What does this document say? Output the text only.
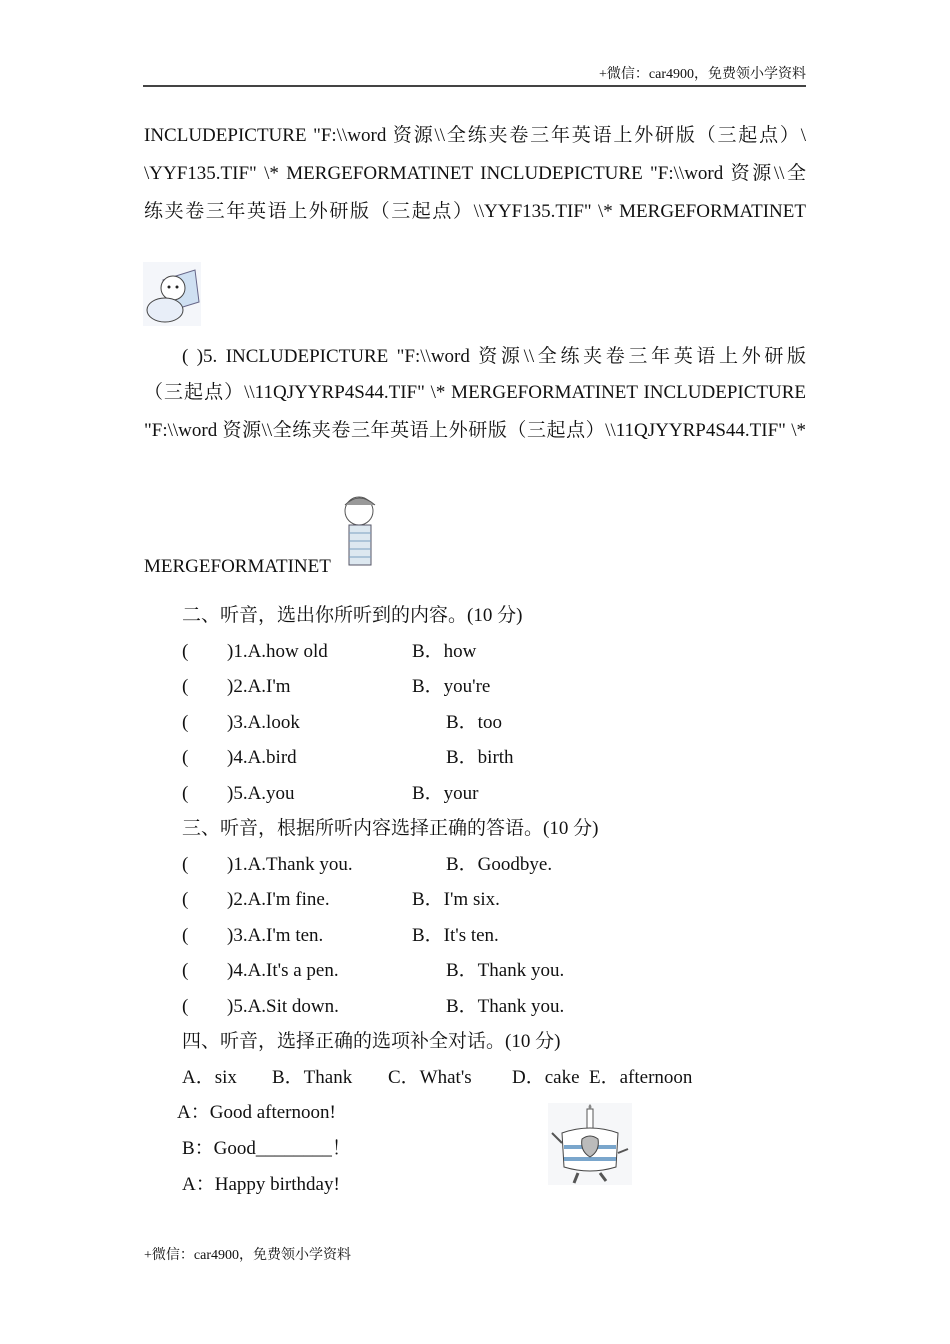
+微信：car4900，免费领小学资料
INCLUDEPICTURE "F:\\word 资源\\全练夹卷三年英语上外研版（三起点）\
\YYF135.TIF" \* MERGEFORMATINET INCLUDEPICTURE "F:\\word 资源\\全
练夹卷三年英语上外研版（三起点）\\YYF135.TIF" \* MERGEFORMATINET
( )5. INCLUDEPICTURE "F:\\word 资源\\全练夹卷三年英语上外研版
（三起点）\\11QJYYRP4S44.TIF" \* MERGEFORMATINET INCLUDEPICTURE
"F:\\word 资源\\全练夹卷三年英语上外研版（三起点）\\11QJYYRP4S44.TIF" \*
MERGEFORMATINET
二、听音，选出你所听到的内容。(10 分)
( )1.A.how old	B．how
( )2.A.I'm	B．you're
( )3.A.look	B．too
( )4.A.bird	B．birth
( )5.A.you	B．your
三、听音，根据所听内容选择正确的答语。(10 分)
( )1.A.Thank you.	B．Goodbye.
( )2.A.I'm fine.	B．I'm six.
( )3.A.I'm ten.	B．It's ten.
( )4.A.It's a pen.	B．Thank you.
( )5.A.Sit down.	B．Thank you.
四、听音，选择正确的选项补全对话。(10 分)
A．six B．Thank C．What's D．cake E．afternoon
A：Good afternoon!
B：Good________！
A：Happy birthday!
+微信：car4900，免费领小学资料
